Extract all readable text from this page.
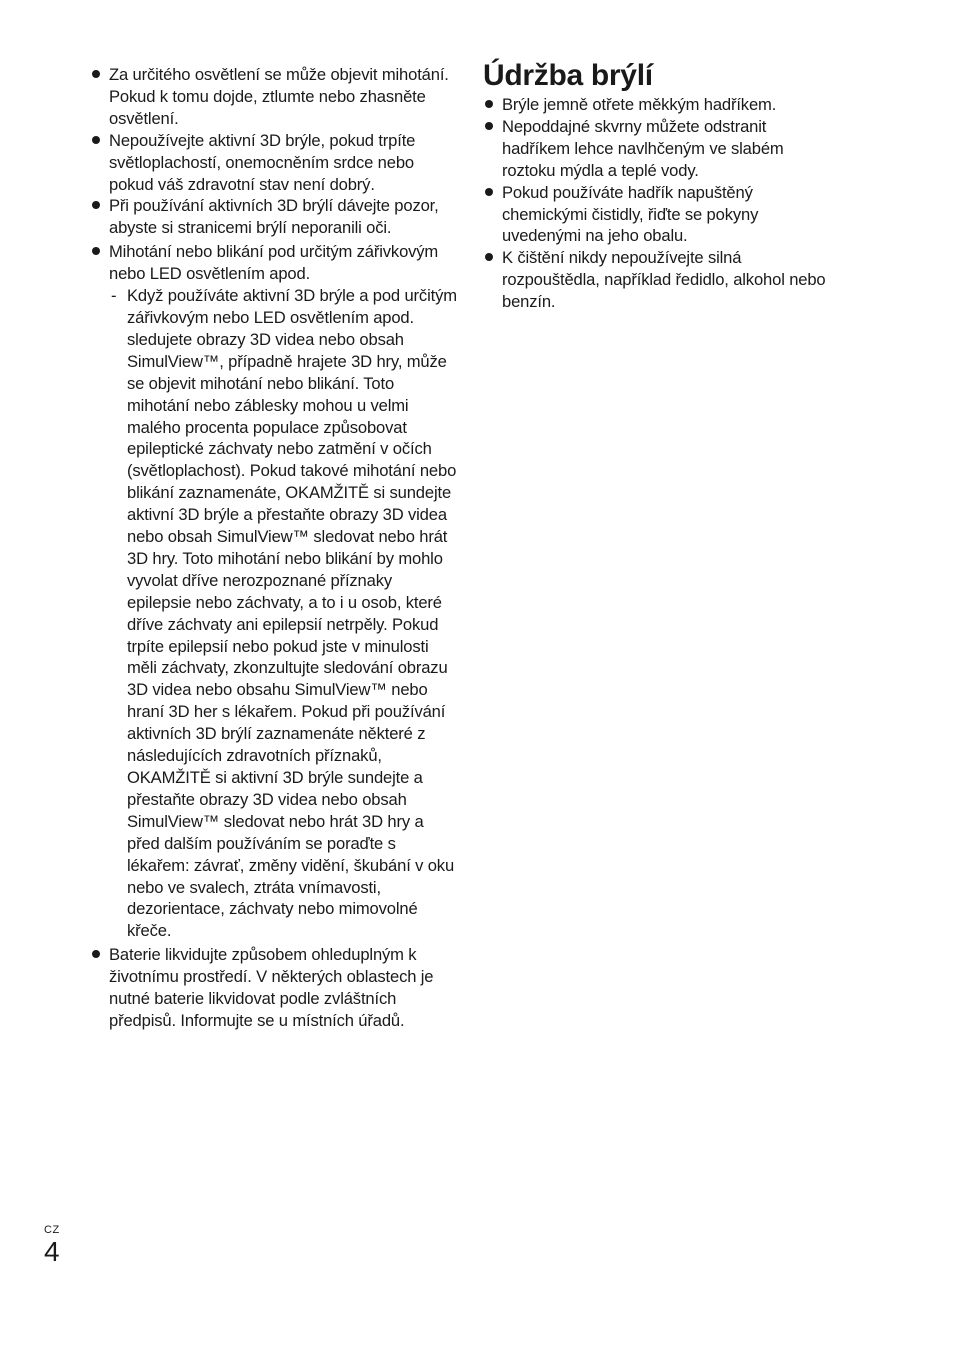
Za určitého osvětlení se může objevit mihotání. Pokud k tomu dojde, ztlumte nebo zhasněte osvětlení.
Nepoužívejte aktivní 3D brýle, pokud trpíte světloplachostí, onemocněním srdce nebo pokud váš zdravotní stav není dobrý.
Při používání aktivních 3D brýlí dávejte pozor, abyste si stranicemi brýlí neporanili oči.
Mihotání nebo blikání pod určitým zářivkovým nebo LED osvětlením apod.
- Když používáte aktivní 3D brýle a pod určitým zářivkovým nebo LED osvětlením apod. sledujete obrazy 3D videa nebo obsah SimulView™, případně hrajete 3D hry, může se objevit mihotání nebo blikání. Toto mihotání nebo záblesky mohou u velmi malého procenta populace způsobovat epileptické záchvaty nebo zatmění v očích (světloplachost). Pokud takové mihotání nebo blikání zaznamenáte, OKAMŽITĚ si sundejte aktivní 3D brýle a přestaňte obrazy 3D videa nebo obsah SimulView™ sledovat nebo hrát 3D hry. Toto mihotání nebo blikání by mohlo vyvolat dříve nerozpoznané příznaky epilepsie nebo záchvaty, a to i u osob, které dříve záchvaty ani epilepsií netrpěly. Pokud trpíte epilepsií nebo pokud jste v minulosti měli záchvaty, zkonzultujte sledování obrazu 3D videa nebo obsahu SimulView™ nebo hraní 3D her s lékařem. Pokud při používání aktivních 3D brýlí zaznamenáte některé z následujících zdravotních příznaků, OKAMŽITĚ si aktivní 3D brýle sundejte a přestaňte obrazy 3D videa nebo obsah SimulView™ sledovat nebo hrát 3D hry a před dalším používáním se poraďte s lékařem: závrať, změny vidění, škubání v oku nebo ve svalech, ztráta vnímavosti, dezorientace, záchvaty nebo mimovolné křeče.
Baterie likvidujte způsobem ohleduplným k životnímu prostředí. V některých oblastech je nutné baterie likvidovat podle zvláštních předpisů. Informujte se u místních úřadů.
Údržba brýlí
Brýle jemně otřete měkkým hadříkem.
Nepoddajné skvrny můžete odstranit hadříkem lehce navlhčeným ve slabém roztoku mýdla a teplé vody.
Pokud používáte hadřík napuštěný chemickými čistidly, řiďte se pokyny uvedenými na jeho obalu.
K čištění nikdy nepoužívejte silná rozpouštědla, například ředidlo, alkohol nebo benzín.
CZ
4
